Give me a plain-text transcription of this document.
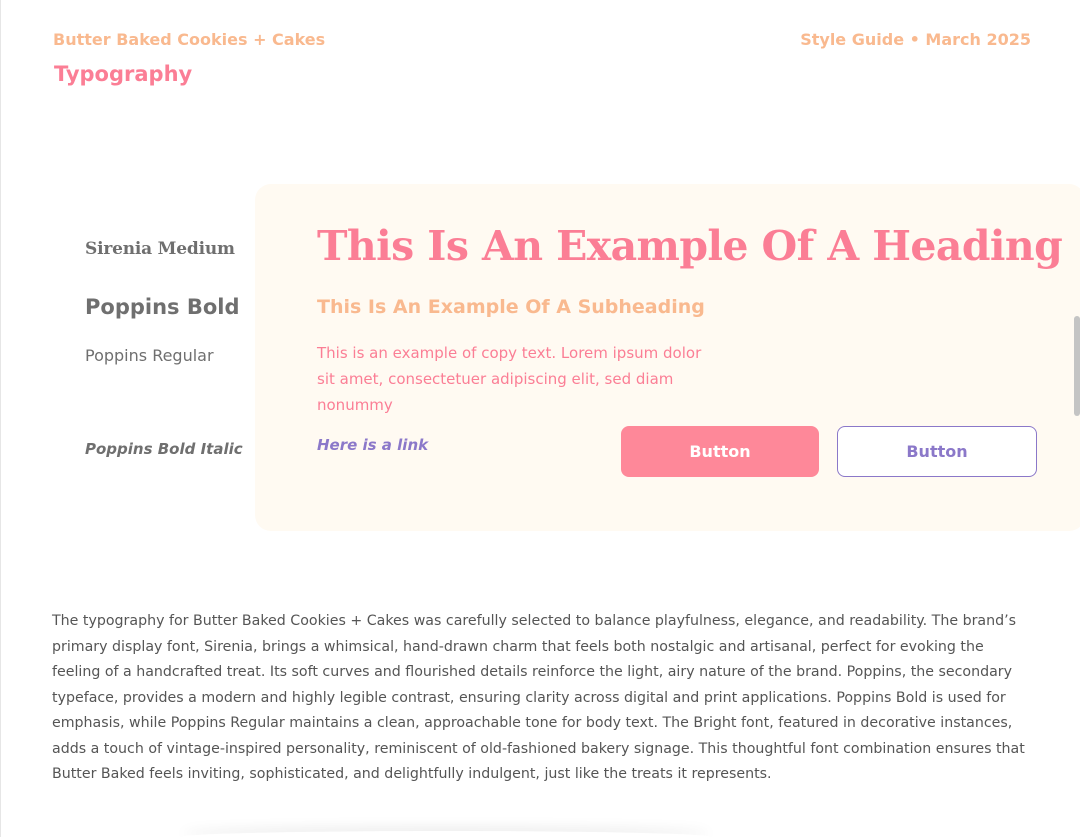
Butter Baked Cookies + Cakes	Style Guide • March 2025
Typography
Sirenia Medium
Poppins Bold
Poppins Regular
Poppins Bold Italic
This Is An Example Of A Heading
This Is An Example Of A Subheading
This is an example of copy text. Lorem ipsum dolor sit amet, consectetuer adipiscing elit, sed diam nonummy
Here is a link	Button	Button

The typography for Butter Baked Cookies + Cakes was carefully selected to balance playfulness, elegance, and readability. The brand’s primary display font, Sirenia, brings a whimsical, hand-drawn charm that feels both nostalgic and artisanal, perfect for evoking the feeling of a handcrafted treat. Its soft curves and flourished details reinforce the light, airy nature of the brand. Poppins, the secondary typeface, provides a modern and highly legible contrast, ensuring clarity across digital and print applications. Poppins Bold is used for emphasis, while Poppins Regular maintains a clean, approachable tone for body text. The Bright font, featured in decorative instances, adds a touch of vintage-inspired personality, reminiscent of old-fashioned bakery signage. This thoughtful font combination ensures that Butter Baked feels inviting, sophisticated, and delightfully indulgent, just like the treats it represents.
